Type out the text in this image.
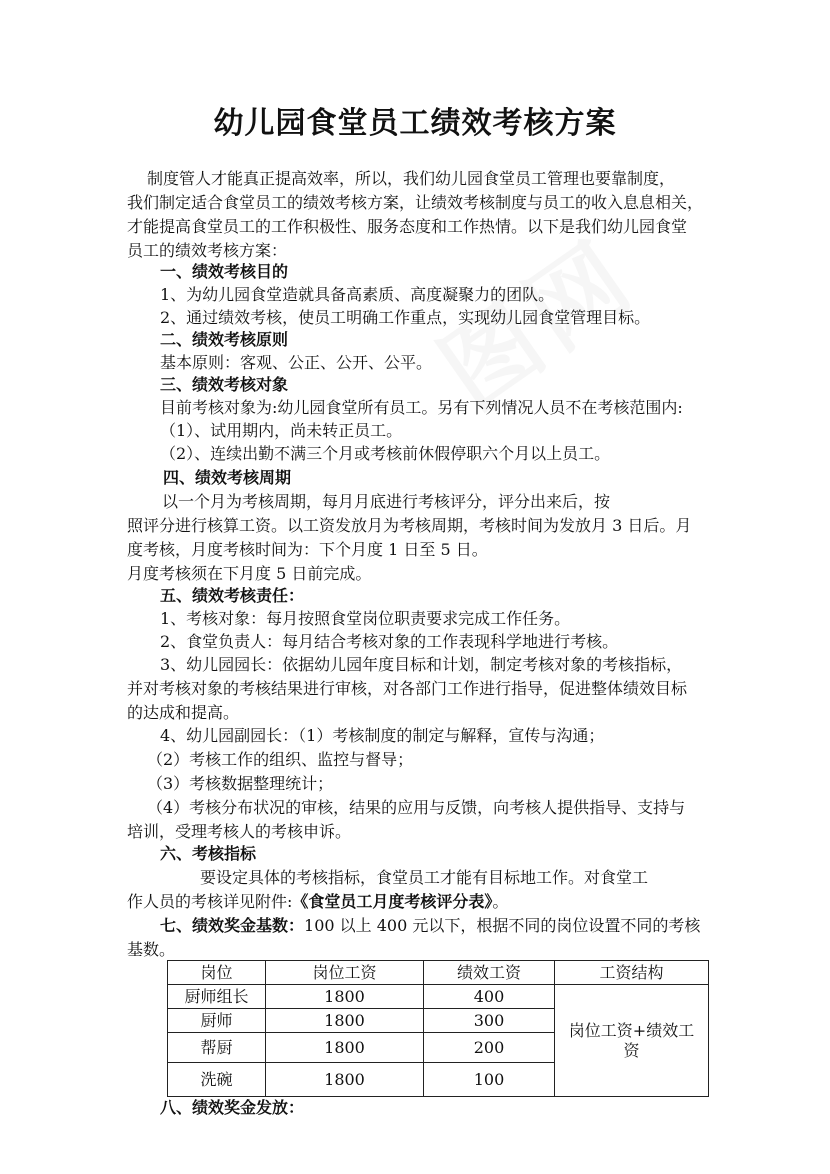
幼儿园食堂员工绩效考核方案
制度管人才能真正提高效率，所以，我们幼儿园食堂员工管理也要靠制度，
我们制定适合食堂员工的绩效考核方案，让绩效考核制度与员工的收入息息相关，
才能提高食堂员工的工作积极性、服务态度和工作热情。以下是我们幼儿园食堂
员工的绩效考核方案：
一、绩效考核目的
1、为幼儿园食堂造就具备高素质、高度凝聚力的团队。
2、通过绩效考核，使员工明确工作重点，实现幼儿园食堂管理目标。
二、绩效考核原则
基本原则：客观、公正、公开、公平。
三、绩效考核对象
目前考核对象为:幼儿园食堂所有员工。另有下列情况人员不在考核范围内:
（1）、试用期内，尚未转正员工。
（2）、连续出勤不满三个月或考核前休假停职六个月以上员工。
四、绩效考核周期
以一个月为考核周期，每月月底进行考核评分，评分出来后，按
照评分进行核算工资。以工资发放月为考核周期，考核时间为发放月 3 日后。月
度考核，月度考核时间为：下个月度 1 日至 5 日。
月度考核须在下月度 5 日前完成。
五、绩效考核责任：
1、考核对象：每月按照食堂岗位职责要求完成工作任务。
2、食堂负责人：每月结合考核对象的工作表现科学地进行考核。
3、幼儿园园长：依据幼儿园年度目标和计划，制定考核对象的考核指标，
并对考核对象的考核结果进行审核，对各部门工作进行指导，促进整体绩效目标
的达成和提高。
4、幼儿园副园长：（1）考核制度的制定与解释，宣传与沟通；
（2）考核工作的组织、监控与督导；
（3）考核数据整理统计；
（4）考核分布状况的审核，结果的应用与反馈，向考核人提供指导、支持与
培训，受理考核人的考核申诉。
六、考核指标
要设定具体的考核指标，食堂员工才能有目标地工作。对食堂工
作人员的考核详见附件:《食堂员工月度考核评分表》。
七、绩效奖金基数：100 以上 400 元以下，根据不同的岗位设置不同的考核
基数。
岗位	岗位工资	绩效工资	工资结构
厨师组长	1800	400	岗位工资+绩效工
资

厨师	1800	300	
帮厨	1800	200	
洗碗	1800	100	
八、绩效奖金发放：
